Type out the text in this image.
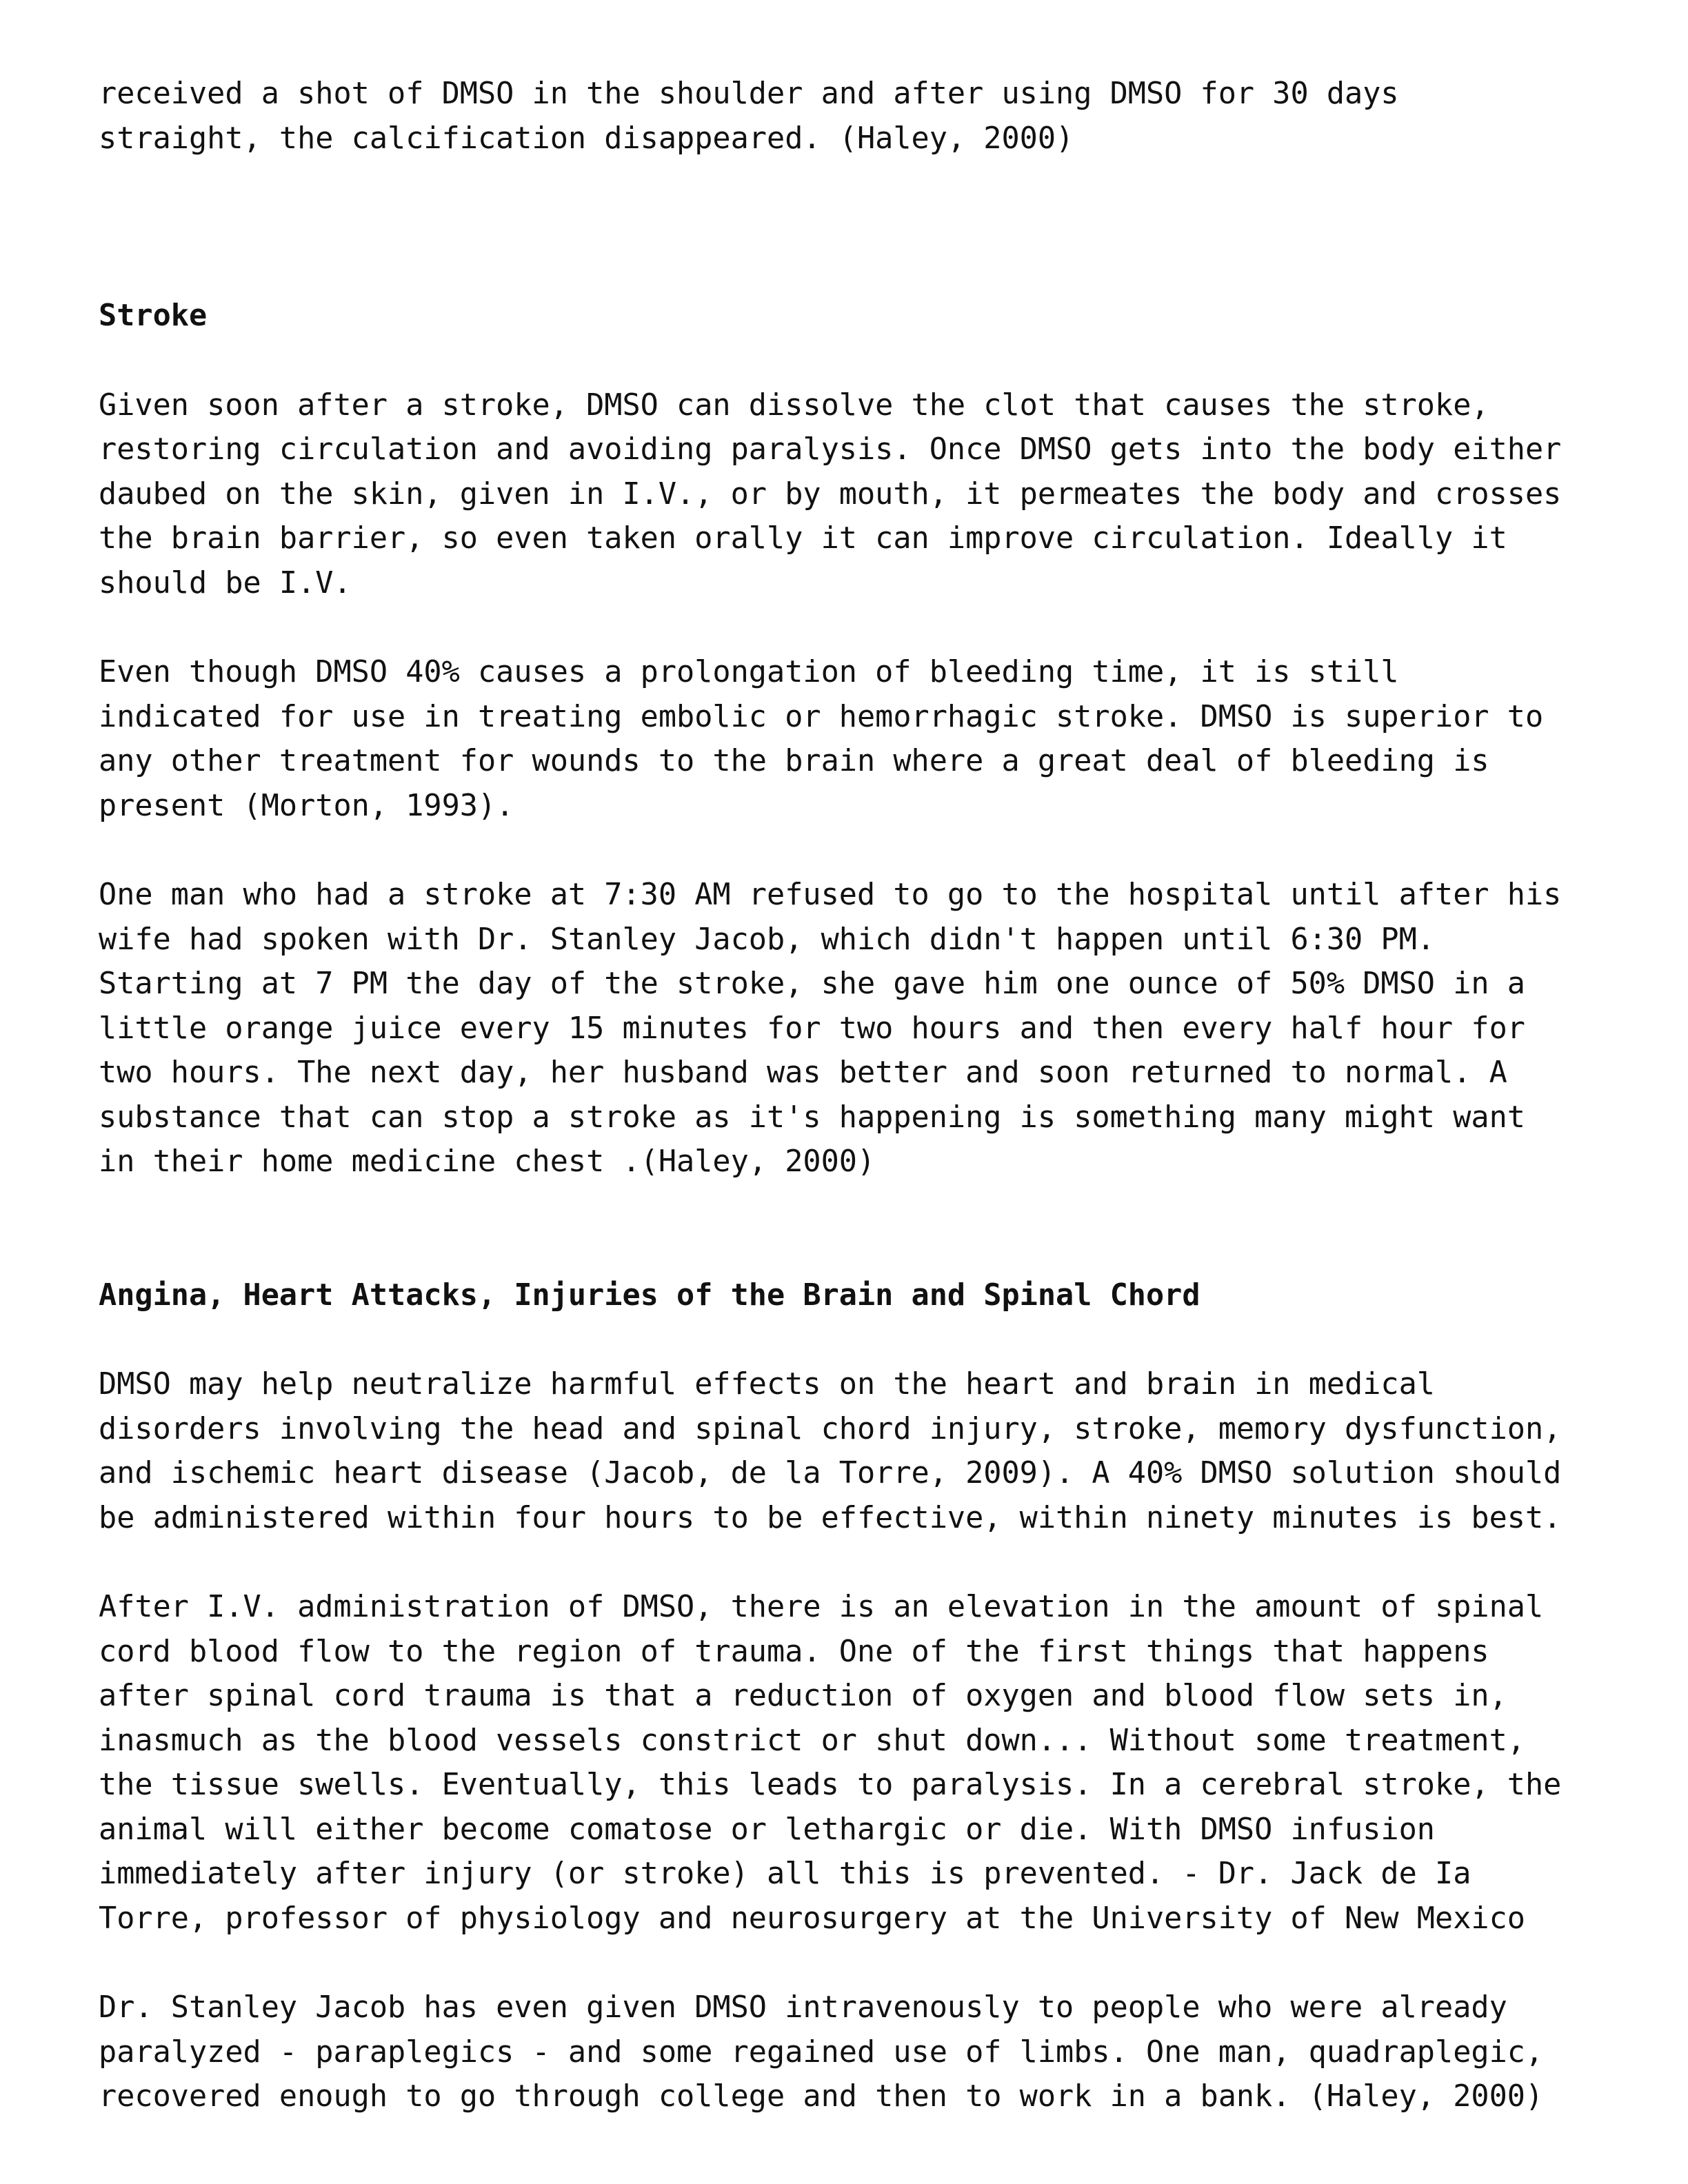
received a shot of DMSO in the shoulder and after using DMSO for 30 days

straight, the calcification disappeared. (Haley, 2000)

Stroke

Given soon after a stroke, DMSO can dissolve the clot that causes the stroke,

restoring circulation and avoiding paralysis. Once DMSO gets into the body either

daubed on the skin, given in I.V., or by mouth, it permeates the body and crosses

the brain barrier, so even taken orally it can improve circulation. Ideally it

should be I.V.

Even though DMSO 40% causes a prolongation of bleeding time, it is still

indicated for use in treating embolic or hemorrhagic stroke. DMSO is superior to

any other treatment for wounds to the brain where a great deal of bleeding is

present (Morton, 1993).

One man who had a stroke at 7:30 AM refused to go to the hospital until after his

wife had spoken with Dr. Stanley Jacob, which didn't happen until 6:30 PM.

Starting at 7 PM the day of the stroke, she gave him one ounce of 50% DMSO in a

little orange juice every 15 minutes for two hours and then every half hour for

two hours. The next day, her husband was better and soon returned to normal. A

substance that can stop a stroke as it's happening is something many might want

in their home medicine chest .(Haley, 2000)

Angina, Heart Attacks, Injuries of the Brain and Spinal Chord

DMSO may help neutralize harmful effects on the heart and brain in medical

disorders involving the head and spinal chord injury, stroke, memory dysfunction,

and ischemic heart disease (Jacob, de la Torre, 2009). A 40% DMSO solution should

be administered within four hours to be effective, within ninety minutes is best.

After I.V. administration of DMSO, there is an elevation in the amount of spinal

cord blood flow to the region of trauma. One of the first things that happens

after spinal cord trauma is that a reduction of oxygen and blood flow sets in,

inasmuch as the blood vessels constrict or shut down... Without some treatment,

the tissue swells. Eventually, this leads to paralysis. In a cerebral stroke, the

animal will either become comatose or lethargic or die. With DMSO infusion

immediately after injury (or stroke) all this is prevented. - Dr. Jack de Ia

Torre, professor of physiology and neurosurgery at the University of New Mexico

Dr. Stanley Jacob has even given DMSO intravenously to people who were already

paralyzed - paraplegics - and some regained use of limbs. One man, quadraplegic,

recovered enough to go through college and then to work in a bank. (Haley, 2000)
